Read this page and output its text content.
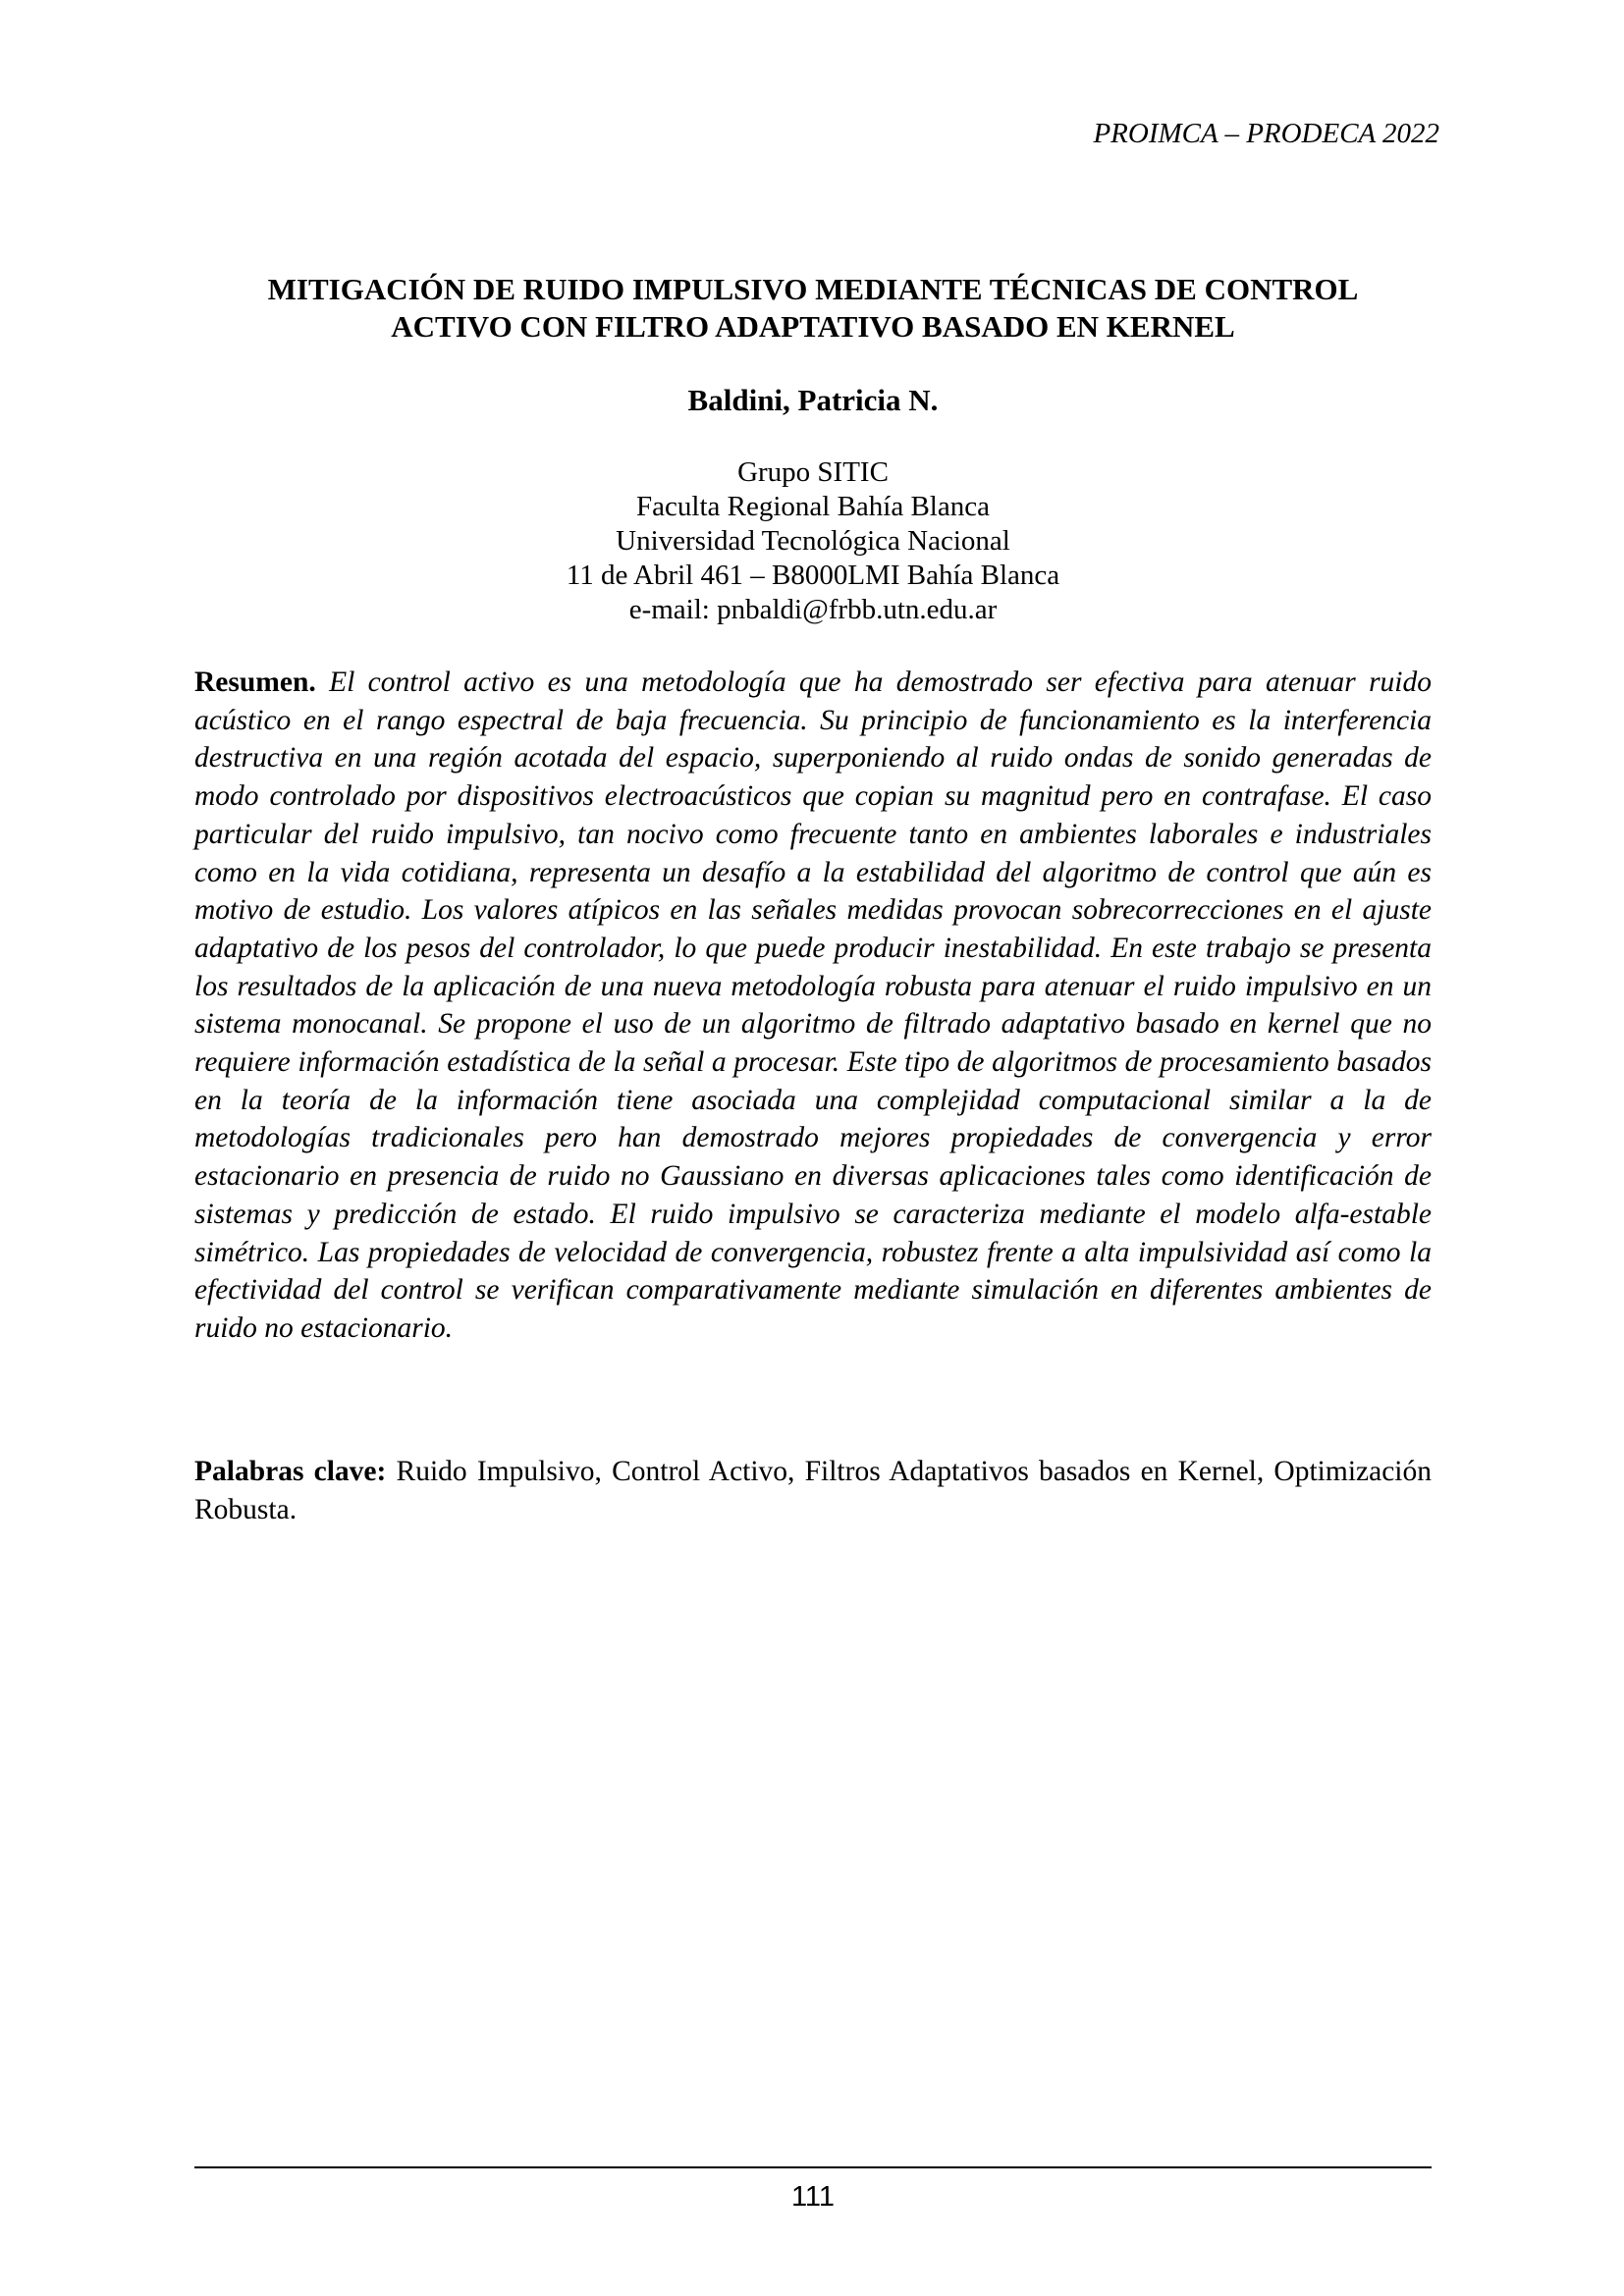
PROIMCA – PRODECA 2022
MITIGACIÓN DE RUIDO IMPULSIVO MEDIANTE TÉCNICAS DE CONTROL
ACTIVO CON FILTRO ADAPTATIVO BASADO EN KERNEL
Baldini, Patricia N.
Grupo SITIC
Faculta Regional Bahía Blanca
Universidad Tecnológica Nacional
11 de Abril 461 – B8000LMI Bahía Blanca
e-mail: pnbaldi@frbb.utn.edu.ar
Resumen. El control activo es una metodología que ha demostrado ser efectiva para atenuar ruido acústico en el rango espectral de baja frecuencia. Su principio de funcionamiento es la interferencia destructiva en una región acotada del espacio, superponiendo al ruido ondas de sonido generadas de modo controlado por dispositivos electroacústicos que copian su magnitud pero en contrafase. El caso particular del ruido impulsivo, tan nocivo como frecuente tanto en ambientes laborales e industriales como en la vida cotidiana, representa un desafío a la estabilidad del algoritmo de control que aún es motivo de estudio. Los valores atípicos en las señales medidas provocan sobrecorrecciones en el ajuste adaptativo de los pesos del controlador, lo que puede producir inestabilidad. En este trabajo se presenta los resultados de la aplicación de una nueva metodología robusta para atenuar el ruido impulsivo en un sistema monocanal. Se propone el uso de un algoritmo de filtrado adaptativo basado en kernel que no requiere información estadística de la señal a procesar. Este tipo de algoritmos de procesamiento basados en la teoría de la información tiene asociada una complejidad computacional similar a la de metodologías tradicionales pero han demostrado mejores propiedades de convergencia y error estacionario en presencia de ruido no Gaussiano en diversas aplicaciones tales como identificación de sistemas y predicción de estado. El ruido impulsivo se caracteriza mediante el modelo alfa-estable simétrico. Las propiedades de velocidad de convergencia, robustez frente a alta impulsividad así como la efectividad del control se verifican comparativamente mediante simulación en diferentes ambientes de ruido no estacionario.
Palabras clave: Ruido Impulsivo, Control Activo, Filtros Adaptativos basados en Kernel, Optimización Robusta.
111
